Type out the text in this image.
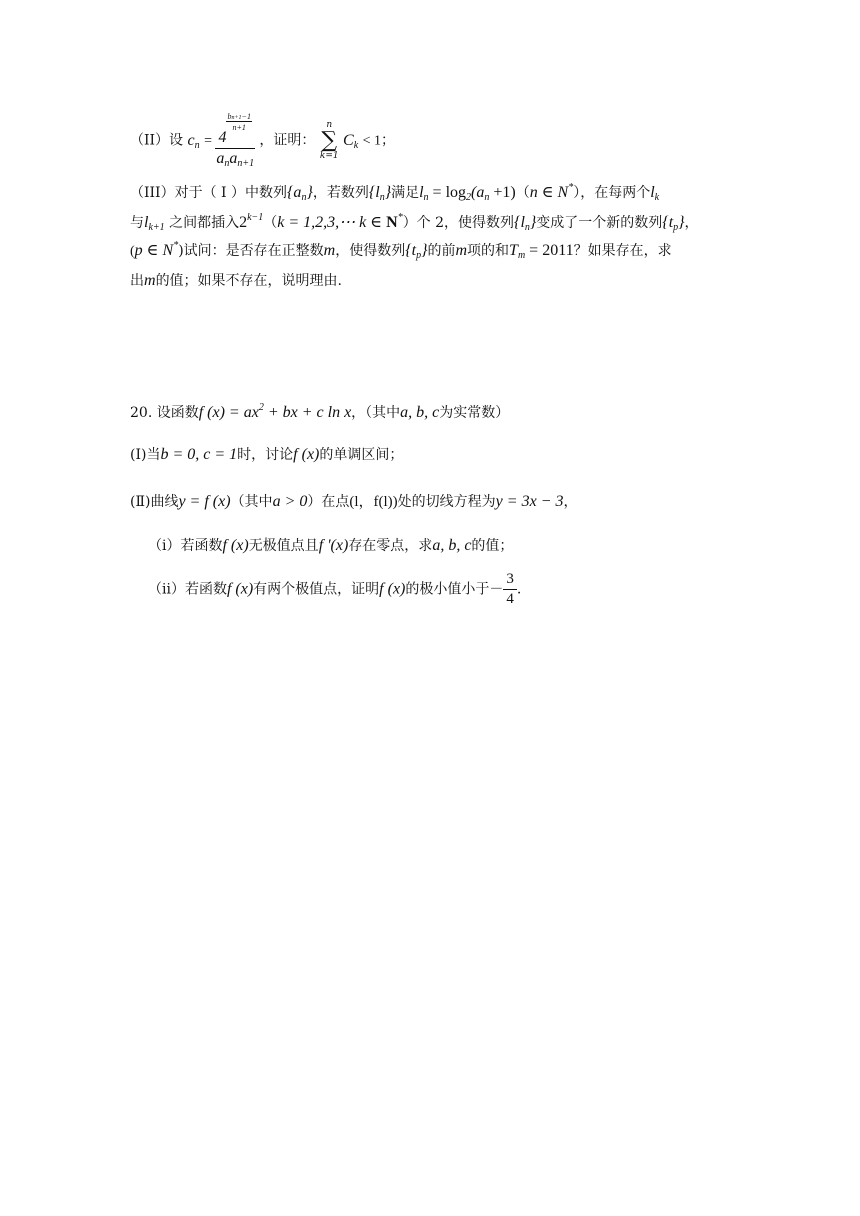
（II）设 $c_n = 4$
$\frac{bn+1-1}{n+1}$
$a_na_{n+1}$ ，证明：
n
∑
k=1
$C_k < 1$；
（III）对于（ I ）中数列$\{a_n\}$，若数列$\{l_n\}$满足$l_n = \log_2(a_n +1)(n$ ∈ N*），在每两个$l_k$
与$l_{k+1}$ 之间都插入$2^{k-1}(k$ = 1,2,3,⋯ k ∈ N*）个 2，使得数列$\{l_n\}$变成了一个新的数列$\{t_p\}$，
(p ∈ N*)试问：是否存在正整数m，使得数列$\{t_p\}$的前m项的和$T_m = 2011$？如果存在，求
出m的值；如果不存在，说明理由.
20. 设函数f $(x) = ax^2$ + bx + c ln x，（其中a, b, c为实常数）
(Ⅰ)当b = 0, c = 1时，讨论f (x)的单调区间；
(Ⅱ)曲线y = f (x)（其中a > 0）在点(l，f(l))处的切线方程为y = 3x − 3，
（ⅰ）若函数f (x)无极值点且f '(x)存在零点，求a, b, c的值；
（ⅱ）若函数f (x)有两个极值点，证明f (x)的极小值小于－ $\frac{3}{4}$ .
